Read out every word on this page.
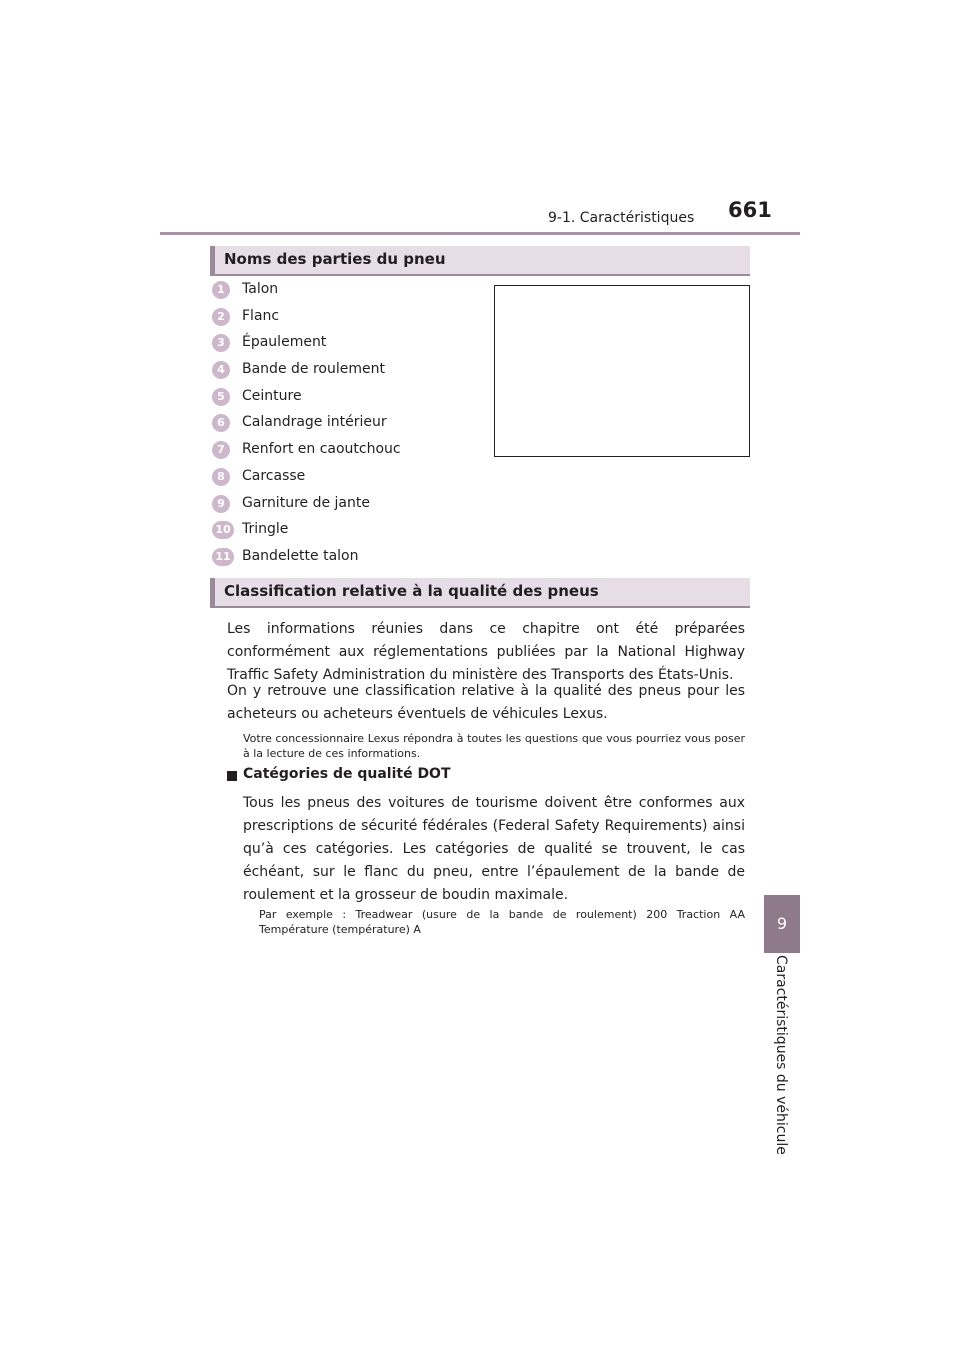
9-1. Caractéristiques 661
9
Caractéristiques du véhicule
Noms des parties du pneu
1	Talon
2	Flanc
3	Épaulement
4	Bande de roulement
5	Ceinture
6	Calandrage intérieur
7	Renfort en caoutchouc
8	Carcasse
9	Garniture de jante
10 Tringle
11 Bandelette talon
Classification relative à la qualité des pneus

Les informations réunies dans ce chapitre ont été préparées conformément aux réglementations publiées par la National Highway Traffic Safety Administration du ministère des Transports des États-Unis.

On y retrouve une classification relative à la qualité des pneus pour les acheteurs ou acheteurs éventuels de véhicules Lexus.

Votre concessionnaire Lexus répondra à toutes les questions que vous pourriez vous poser à la lecture de ces informations.

Catégories de qualité DOT

Tous les pneus des voitures de tourisme doivent être conformes aux prescriptions de sécurité fédérales (Federal Safety Requirements) ainsi qu’à ces catégories. Les catégories de qualité se trouvent, le cas échéant, sur le flanc du pneu, entre l’épaulement de la bande de roulement et la grosseur de boudin maximale.

Par exemple : Treadwear (usure de la bande de roulement) 200 Traction AA Température (température) A
